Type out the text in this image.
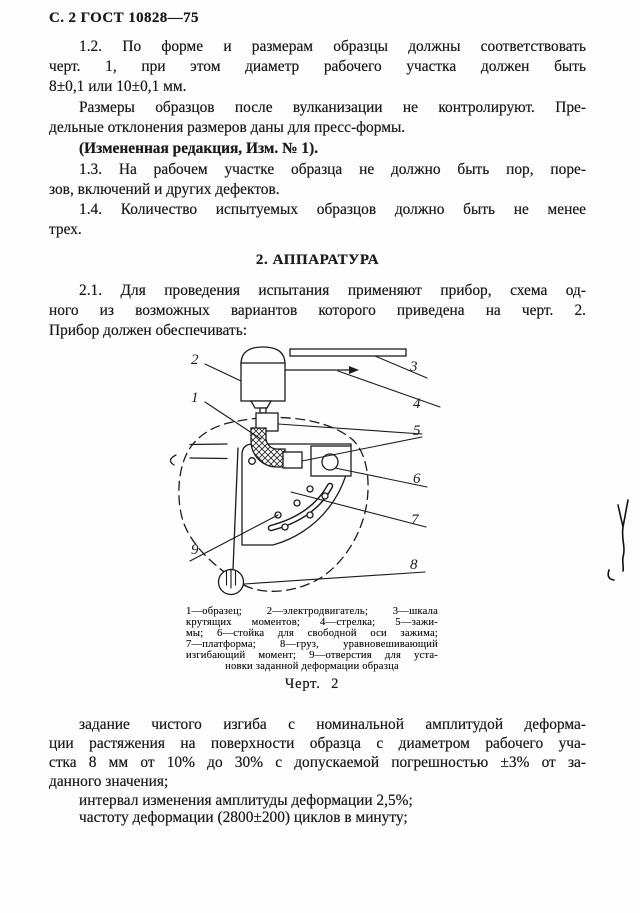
С. 2 ГОСТ 10828—75
1.2. По форме и размерам образцы должны соответствовать
черт. 1, при этом диаметр рабочего участка должен быть
8±0,1 или 10±0,1 мм.
Размеры образцов после вулканизации не контролируют. Пре-
дельные отклонения размеров даны для пресс-формы.
(Измененная редакция, Изм. № 1).
1.3. На рабочем участке образца не должно быть пор, поре-
зов, включений и других дефектов.
1.4. Количество испытуемых образцов должно быть не менее
трех.
2. АППАРАТУРА
2.1. Для проведения испытания применяют прибор, схема од-
ного из возможных вариантов которого приведена на черт. 2.
Прибор должен обеспечивать:
2
1
3
4
5
6
7
9
8
1—образец; 2—электродвигатель; 3—шкала
крутящих моментов; 4—стрелка; 5—зажи-
мы; 6—стойка для свободной оси зажима;
7—платформа; 8—груз, уравновешивающий
изгибающий момент; 9—отверстия для уста-
новки заданной деформации образца
Черт. 2
задание чистого изгиба с номинальной амплитудой деформа-
ции растяжения на поверхности образца с диаметром рабочего уча-
стка 8 мм от 10% до 30% с допускаемой погрешностью ±3% от за-
данного значения;
интервал изменения амплитуды деформации 2,5%;
частоту деформации (2800±200) циклов в минуту;
